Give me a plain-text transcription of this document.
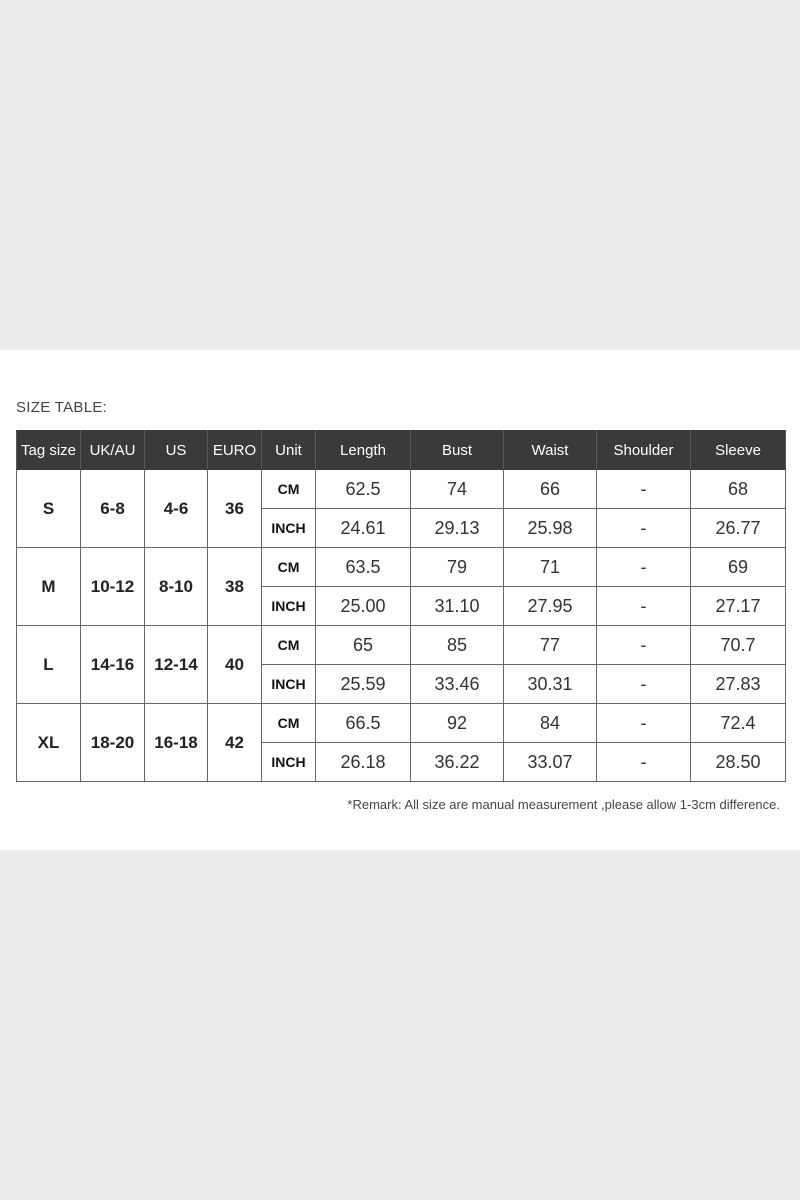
SIZE TABLE:
Tag size	UK/AU	US	EURO	Unit	Length	Bust	Waist	Shoulder	Sleeve
S	6-8	4-6	36	CM	62.5	74	66	-	68
				INCH	24.61	29.13	25.98	-	26.77
M	10-12	8-10	38	CM	63.5	79	71	-	69
				INCH	25.00	31.10	27.95	-	27.17
L	14-16	12-14	40	CM	65	85	77	-	70.7
				INCH	25.59	33.46	30.31	-	27.83
XL	18-20	16-18	42	CM	66.5	92	84	-	72.4
				INCH	26.18	36.22	33.07	-	28.50
*Remark: All size are manual measurement ,please allow 1-3cm difference.
